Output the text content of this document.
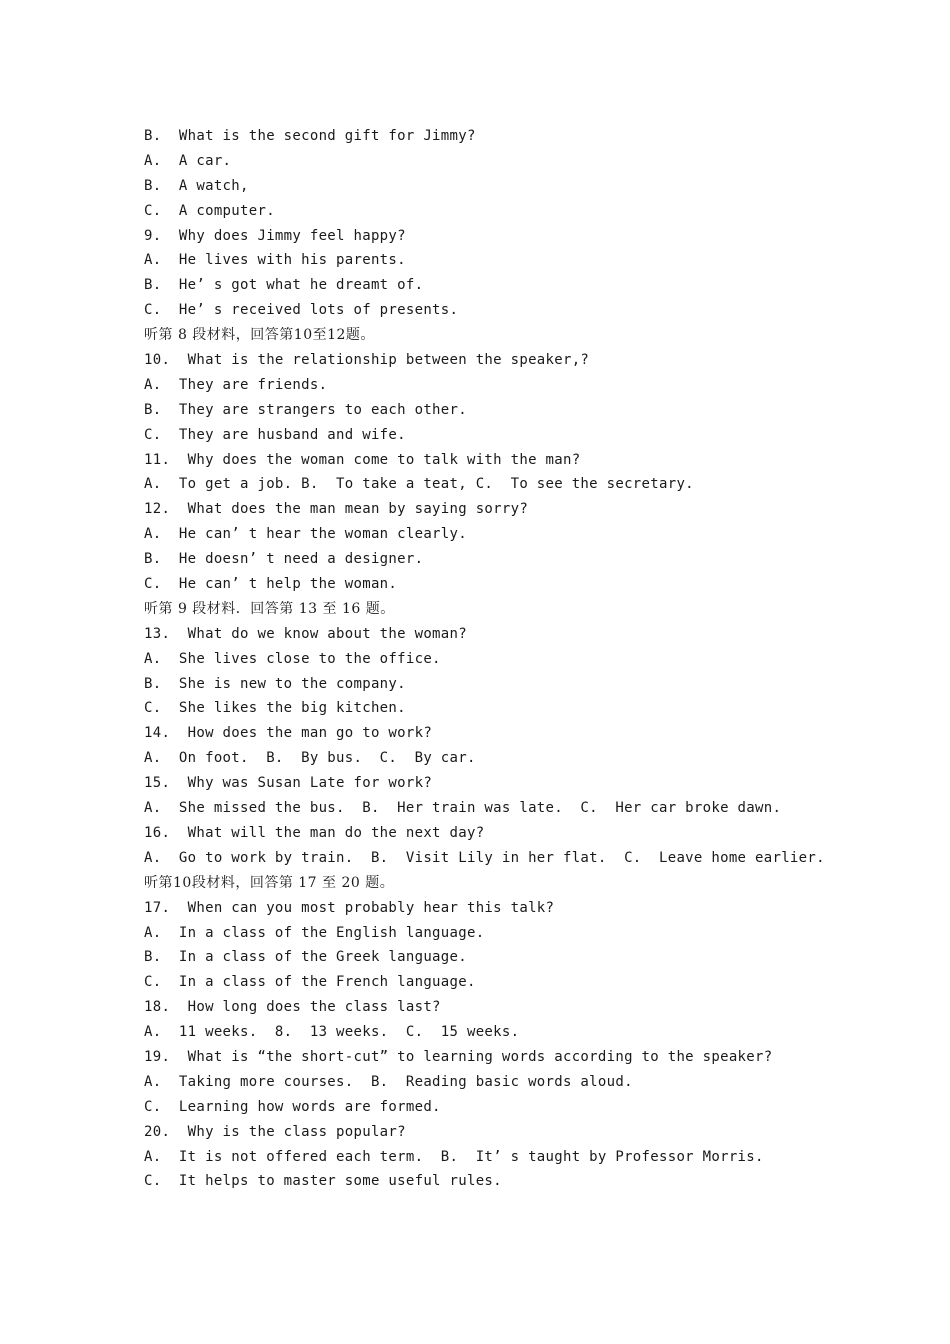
B.  What is the second gift for Jimmy?
A.  A car.
B.  A watch,
C.  A computer.
9.  Why does Jimmy feel happy?
A.  He lives with his parents.
B.  He’ s got what he dreamt of.
C.  He’ s received lots of presents.
听第 8 段材料，回答第10至12题。
10.  What is the relationship between the speaker,?
A.  They are friends.
B.  They are strangers to each other.
C.  They are husband and wife.
11.  Why does the woman come to talk with the man?
A.  To get a job. B.  To take a teat, C.  To see the secretary.
12.  What does the man mean by saying sorry?
A.  He can’ t hear the woman clearly.
B.  He doesn’ t need a designer.
C.  He can’ t help the woman.
听第 9 段材料．回答第 13 至 16 题。
13.  What do we know about the woman?
A.  She lives close to the office.
B.  She is new to the company.
C.  She likes the big kitchen.
14.  How does the man go to work?
A.  On foot.  B.  By bus.  C.  By car.
15.  Why was Susan Late for work?
A.  She missed the bus.  B.  Her train was late.  C.  Her car broke dawn.
16.  What will the man do the next day?
A.  Go to work by train.  B.  Visit Lily in her flat.  C.  Leave home earlier.
听第10段材料，回答第 17 至 20 题。
17.  When can you most probably hear this talk?
A.  In a class of the English language.
B.  In a class of the Greek language.
C.  In a class of the French language.
18.  How long does the class last?
A.  11 weeks.  8.  13 weeks.  C.  15 weeks.
19.  What is “the short-cut” to learning words according to the speaker?
A.  Taking more courses.  B.  Reading basic words aloud.
C.  Learning how words are formed.
20.  Why is the class popular?
A.  It is not offered each term.  B.  It’ s taught by Professor Morris.
C.  It helps to master some useful rules.
